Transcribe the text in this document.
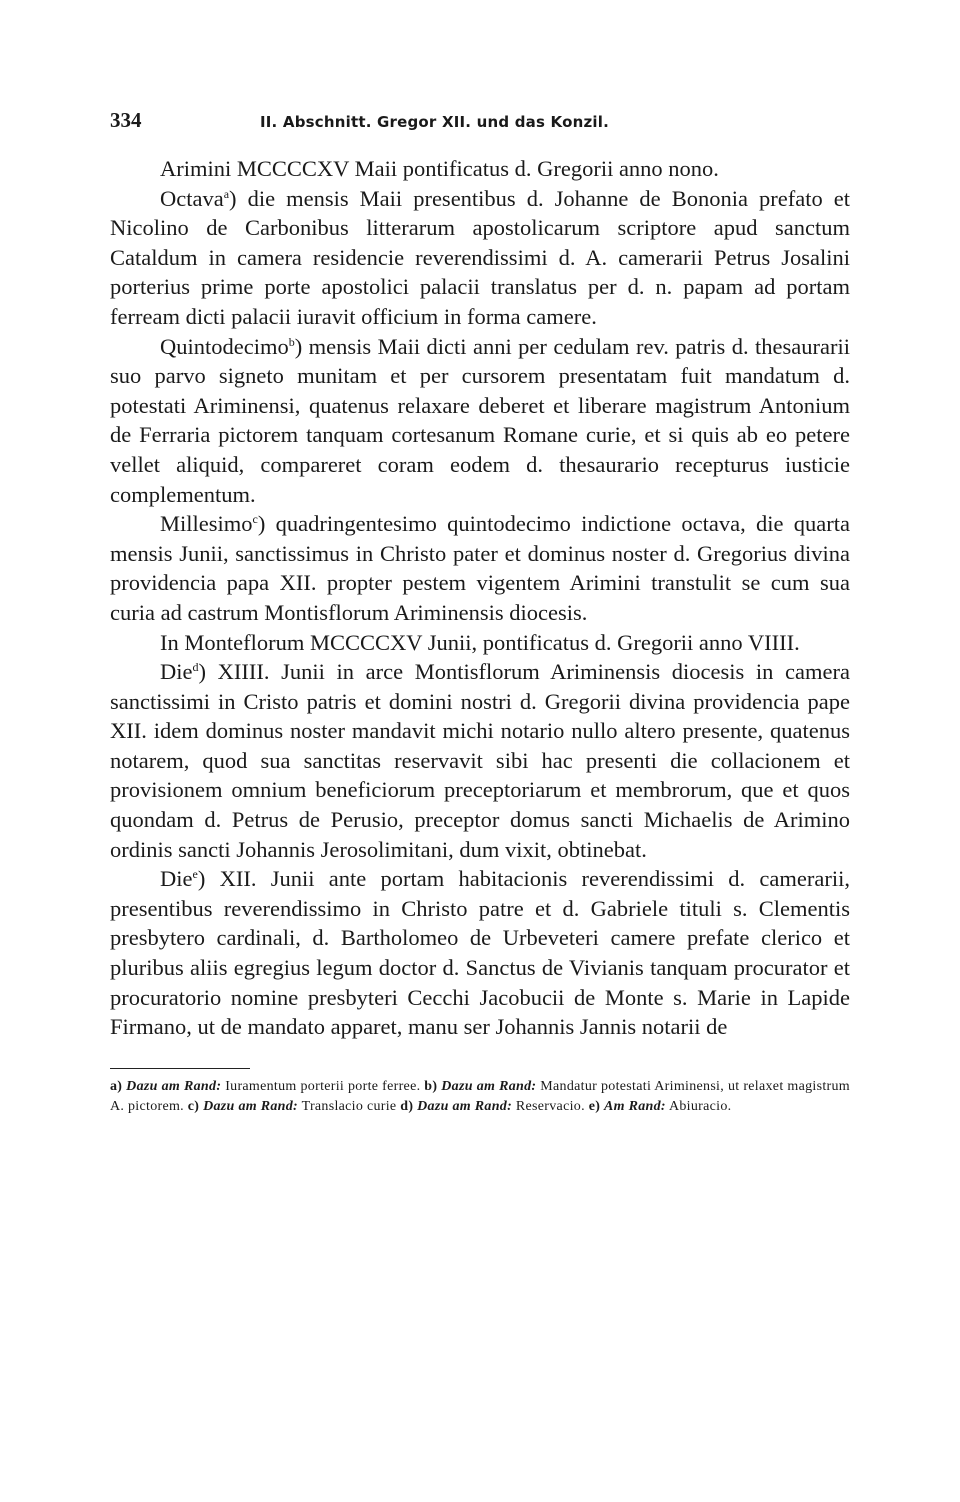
334	II. Abschnitt. Gregor XII. und das Konzil.

Arimini MCCCCXV Maii pontificatus d. Gregorii anno nono.

Octava$^a$) die mensis Maii presentibus d. Johanne de Bononia prefato et Nicolino de Carbonibus litterarum apostolicarum scriptore apud sanctum Cataldum in camera residencie reverendissimi d. A. camerarii Petrus Josalini porterius prime porte apostolici palacii translatus per d. n. papam ad portam ferream dicti palacii iuravit officium in forma camere.

Quintodecimo$^b$) mensis Maii dicti anni per cedulam rev. patris d. thesaurarii suo parvo signeto munitam et per cursorem presentatam fuit mandatum d. potestati Ariminensi, quatenus relaxare deberet et liberare magistrum Antonium de Ferraria pictorem tanquam cortesanum Romane curie, et si quis ab eo petere vellet aliquid, compareret coram eodem d. thesaurario recepturus iusticie complementum.

Millesimo$^c$) quadringentesimo quintodecimo indictione octava, die quarta mensis Junii, sanctissimus in Christo pater et dominus noster d. Gregorius divina providencia papa XII. propter pestem vigentem Arimini transtulit se cum sua curia ad castrum Montisflorum Ariminensis diocesis.

In Monteflorum MCCCCXV Junii, pontificatus d. Gregorii anno VIIII.

Die$^d$) XIIII. Junii in arce Montisflorum Ariminensis diocesis in camera sanctissimi in Cristo patris et domini nostri d. Gregorii divina providencia pape XII. idem dominus noster mandavit michi notario nullo altero presente, quatenus notarem, quod sua sanctitas reservavit sibi hac presenti die collacionem et provisionem omnium beneficiorum preceptoriarum et membrorum, que et quos quondam d. Petrus de Perusio, preceptor domus sancti Michaelis de Arimino ordinis sancti Johannis Jerosolimitani, dum vixit, obtinebat.

Die$^e$) XII. Junii ante portam habitacionis reverendissimi d. camerarii, presentibus reverendissimo in Christo patre et d. Gabriele tituli s. Clementis presbytero cardinali, d. Bartholomeo de Urbeveteri camere prefate clerico et pluribus aliis egregius legum doctor d. Sanctus de Vivianis tanquam procurator et procuratorio nomine presbyteri Cecchi Jacobucii de Monte s. Marie in Lapide Firmano, ut de mandato apparet, manu ser Johannis Jannis notarii de

a) Dazu am Rand: Iuramentum porterii porte ferree. b) Dazu am Rand: Mandatur potestati Ariminensi, ut relaxet magistrum A. pictorem. c) Dazu am Rand: Translacio curie d) Dazu am Rand: Reservacio. e) Am Rand: Abiuracio.
